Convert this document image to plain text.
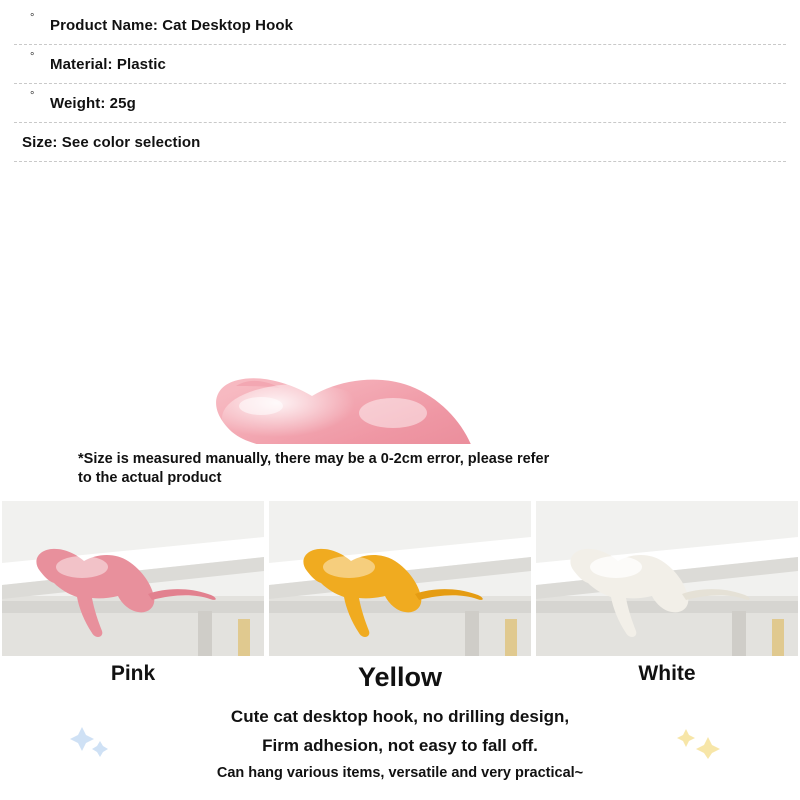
°	Product Name: Cat Desktop Hook
°	Material: Plastic
°	Weight: 25g
Size: See color selection
*Size is measured manually, there may be a 0-2cm error, please refer
to the actual product
Pink	Yellow	White
Cute cat desktop hook, no drilling design,
Firm adhesion, not easy to fall off.
Can hang various items, versatile and very practical~
